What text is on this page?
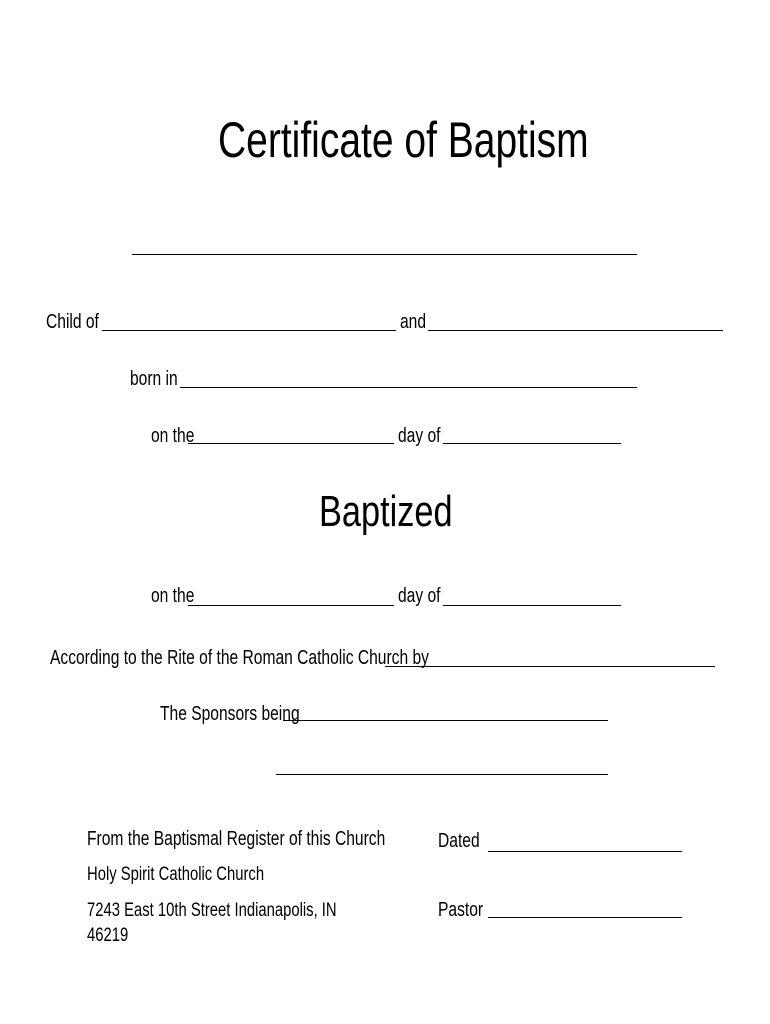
Certificate of Baptism
Child of	and
born in
on the	day of
Baptized
on the	day of
According to the Rite of the Roman Catholic Church by
The Sponsors being
From the Baptismal Register of this Church
Holy Spirit Catholic Church
7243 East 10th Street Indianapolis, IN
46219
Dated
Pastor
